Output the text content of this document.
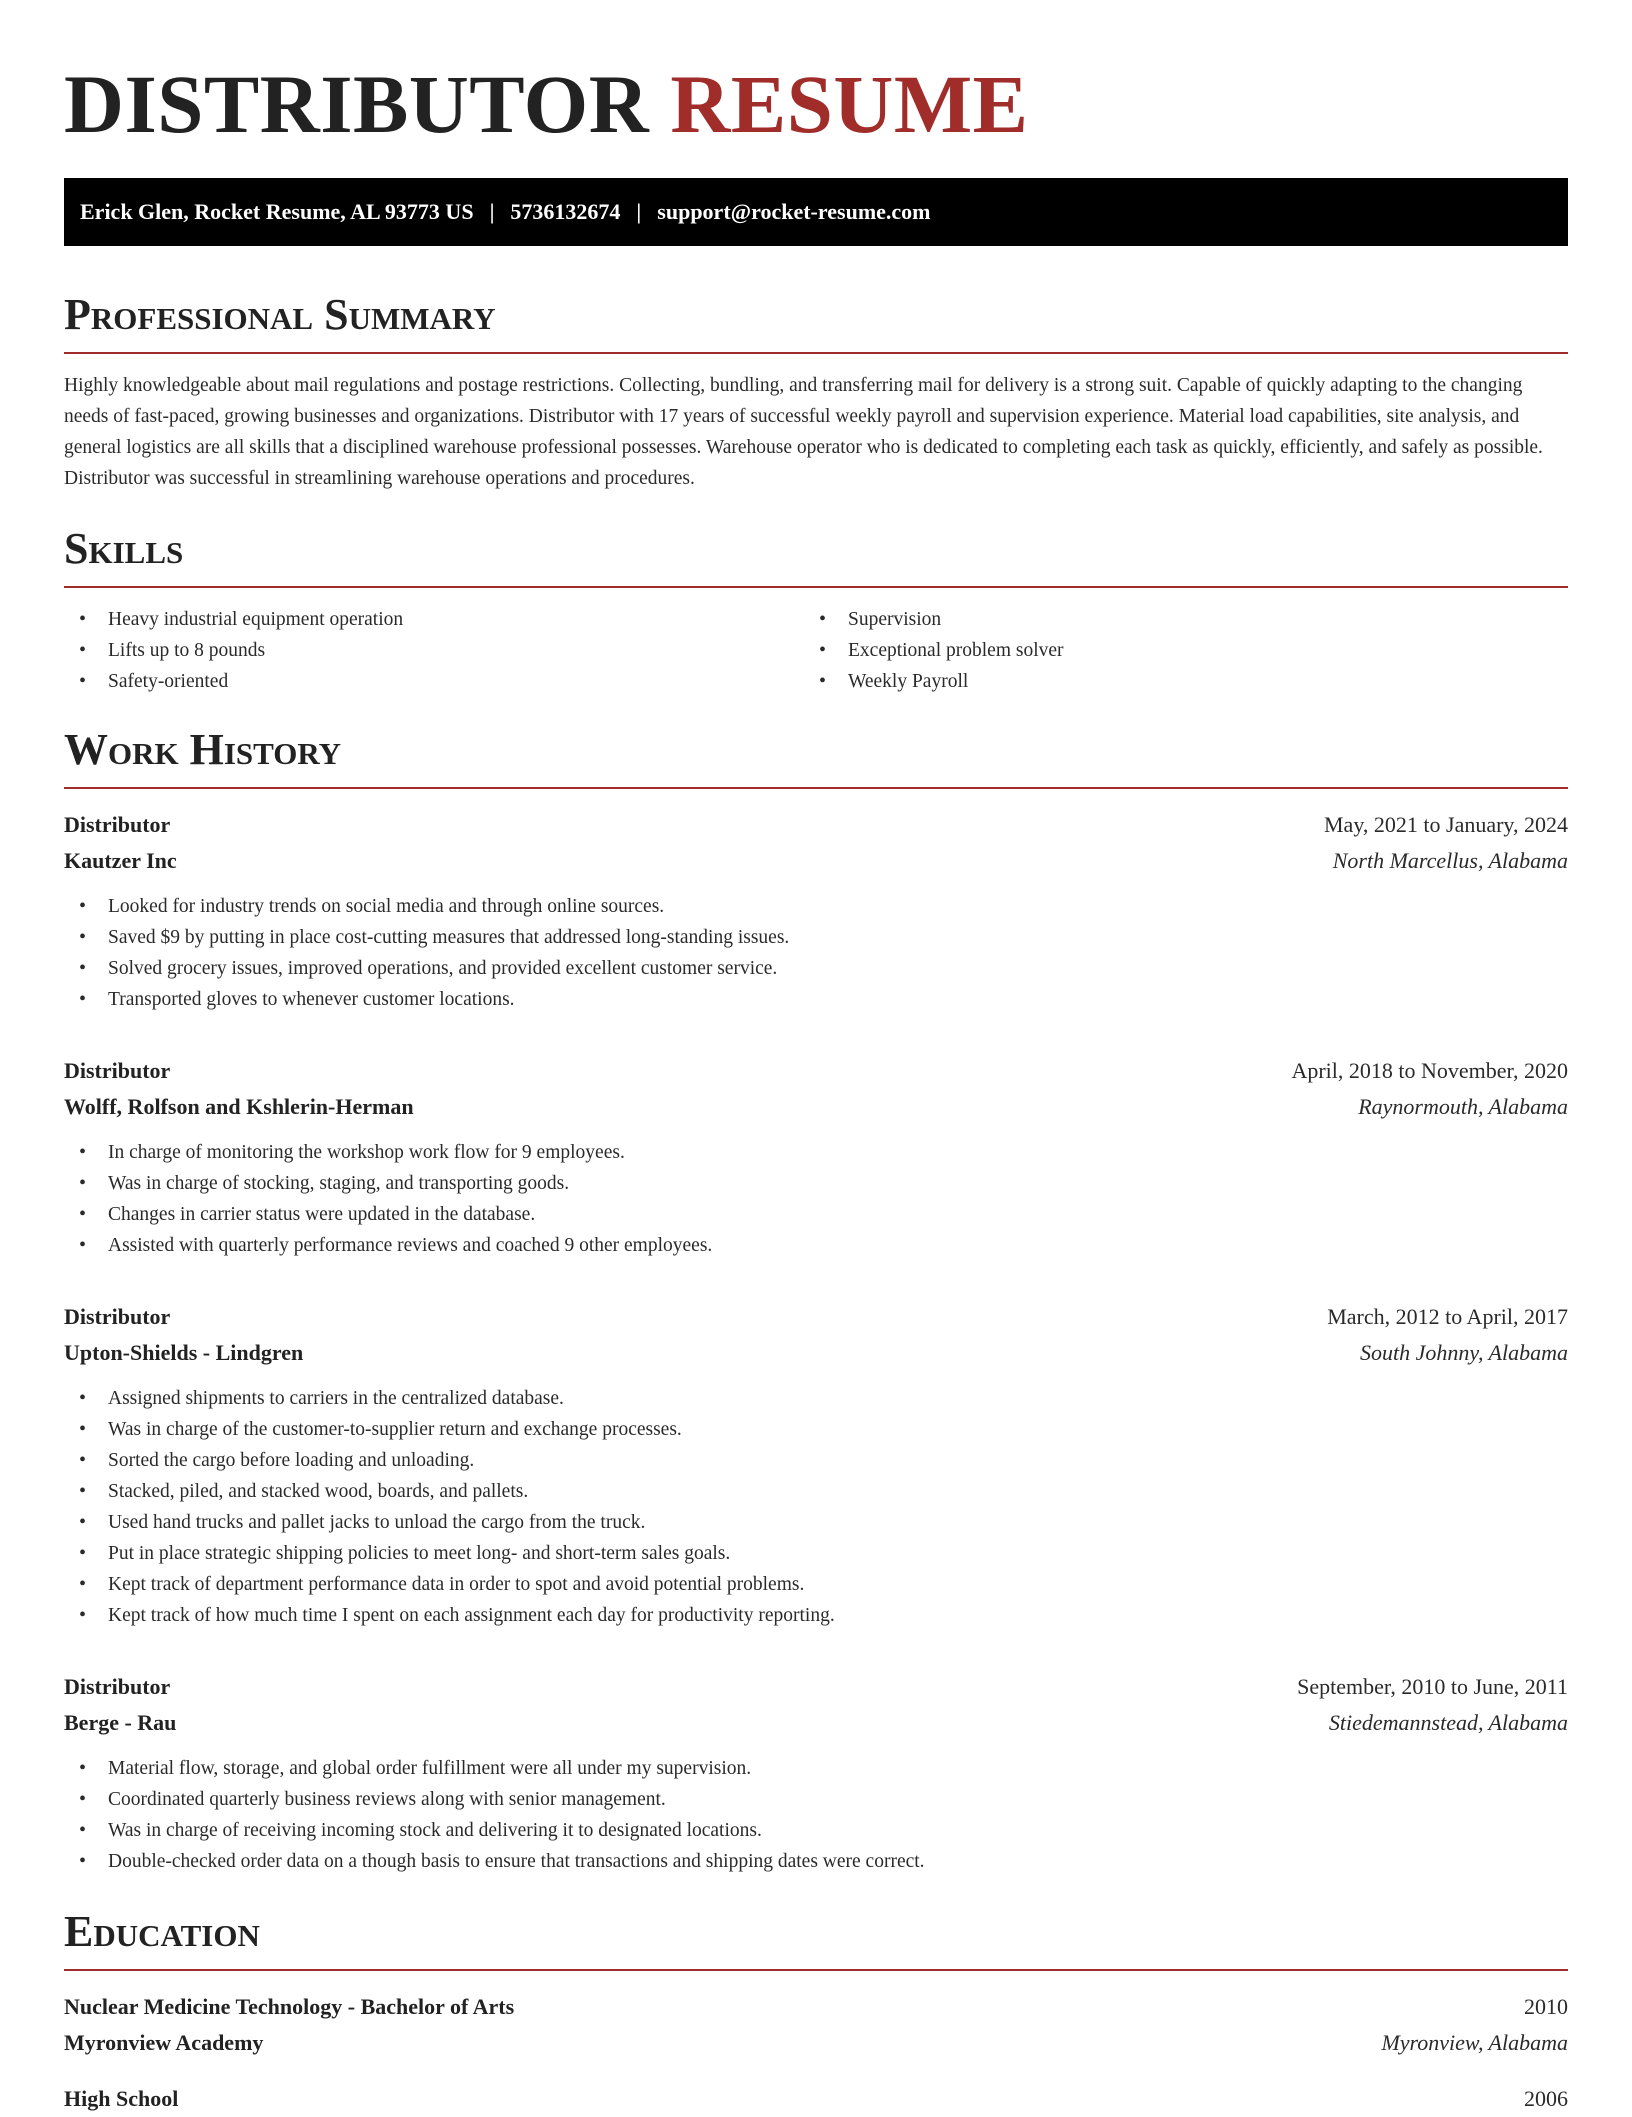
DISTRIBUTOR RESUME
Erick Glen, Rocket Resume, AL 93773 US | 5736132674 | support@rocket-resume.com
Professional Summary

Highly knowledgeable about mail regulations and postage restrictions. Collecting, bundling, and transferring mail for delivery is a strong suit. Capable of quickly adapting to the changing needs of fast-paced, growing businesses and organizations. Distributor with 17 years of successful weekly payroll and supervision experience. Material load capabilities, site analysis, and general logistics are all skills that a disciplined warehouse professional possesses. Warehouse operator who is dedicated to completing each task as quickly, efficiently, and safely as possible. Distributor was successful in streamlining warehouse operations and procedures.

Skills
• Heavy industrial equipment operation
• Lifts up to 8 pounds
• Safety-oriented
• Supervision
• Exceptional problem solver
• Weekly Payroll
Work History
Distributor	May, 2021 to January, 2024
Kautzer Inc	North Marcellus, Alabama
• Looked for industry trends on social media and through online sources.
• Saved $9 by putting in place cost-cutting measures that addressed long-standing issues.
• Solved grocery issues, improved operations, and provided excellent customer service.
• Transported gloves to whenever customer locations.
Distributor	April, 2018 to November, 2020
Wolff, Rolfson and Kshlerin-Herman	Raynormouth, Alabama
• In charge of monitoring the workshop work flow for 9 employees.
• Was in charge of stocking, staging, and transporting goods.
• Changes in carrier status were updated in the database.
• Assisted with quarterly performance reviews and coached 9 other employees.
Distributor	March, 2012 to April, 2017
Upton-Shields - Lindgren	South Johnny, Alabama
• Assigned shipments to carriers in the centralized database.
• Was in charge of the customer-to-supplier return and exchange processes.
• Sorted the cargo before loading and unloading.
• Stacked, piled, and stacked wood, boards, and pallets.
• Used hand trucks and pallet jacks to unload the cargo from the truck.
• Put in place strategic shipping policies to meet long- and short-term sales goals.
• Kept track of department performance data in order to spot and avoid potential problems.
• Kept track of how much time I spent on each assignment each day for productivity reporting.
Distributor	September, 2010 to June, 2011
Berge - Rau	Stiedemannstead, Alabama
• Material flow, storage, and global order fulfillment were all under my supervision.
• Coordinated quarterly business reviews along with senior management.
• Was in charge of receiving incoming stock and delivering it to designated locations.
• Double-checked order data on a though basis to ensure that transactions and shipping dates were correct.
Education
Nuclear Medicine Technology - Bachelor of Arts	2010
Myronview Academy	Myronview, Alabama
High School	2006
